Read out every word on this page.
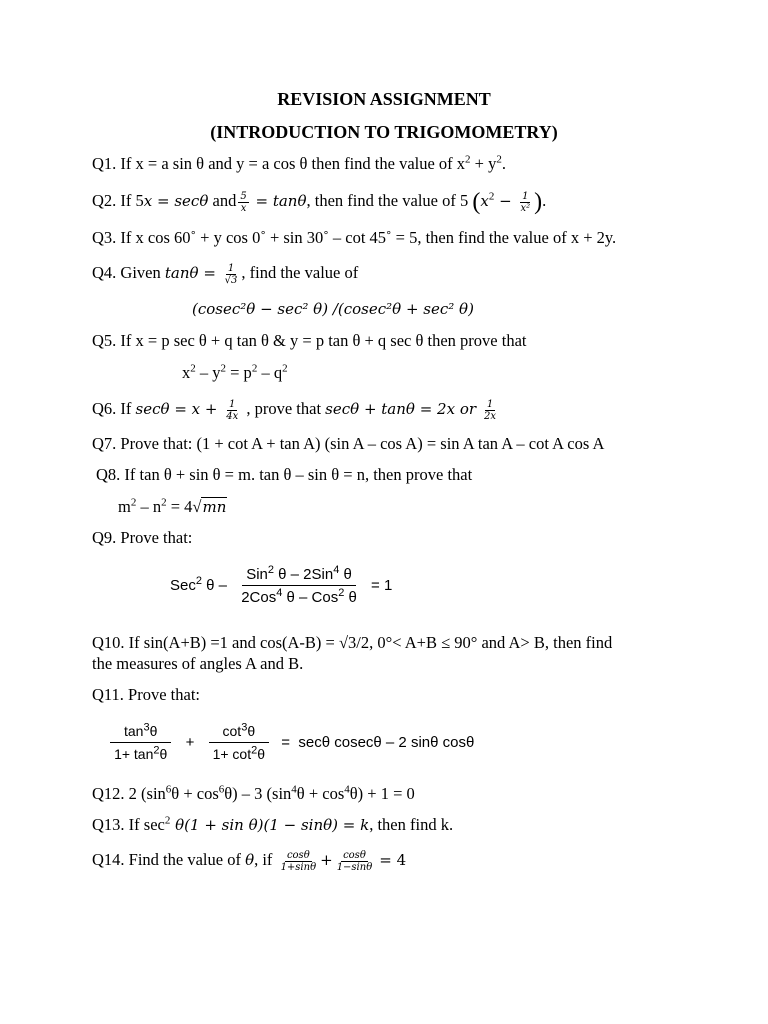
REVISION ASSIGNMENT
(INTRODUCTION TO TRIGOMOMETRY)
Q1. If x = a sin θ and y = a cos θ then find the value of $x^2 + y^2$.
Q2. If 5x = secθ and $\frac{5}{x} = \tan\theta$, then find the value of 5 ($x^2 - \frac{1}{\text{x²}}$ ).
Q3. If x cos 60˚ + y cos 0˚ + sin 30˚ – cot 45˚ = 5, then find the value of x + 2y.
Q4. Given $\tan\theta = \frac{1}{√3}$ , find the value of
(cosec²θ − sec² θ) /(cosec²θ + sec² θ)
Q5. If x = p sec θ + q tan θ & y = p tan θ + q sec θ then prove that
$x^2 - y^2 = p^2 - q^2$
Q6. If $\sec\theta = x + \frac{1}{4x}$ , prove that secθ + tanθ = 2x or $\frac{1}{2x}$
Q7. Prove that: (1 + cot A + tan A) (sin A – cos A) = sin A tan A – cot A cos A
Q8. If tan θ + sin θ = m. tan θ – sin θ = n, then prove that
$m^2 - n^2 = 4√mn$
Q9. Prove that:
Sec$^2$ θ –
Sin$^2$ θ – 2Sin$^4$ θ
2Cos$^4$ θ – Cos$^2$ θ
= 1
Q10. If sin(A+B) =1 and cos(A-B) = √3/2, 0°< A+B ≤ 90° and A> B, then find
the measures of angles A and B.
Q11. Prove that:
$\frac{\tan^3\theta}{1+ \tan^2\theta} + \frac{\cot^3\theta}{1+ \cot^2\theta} = \sec\theta$ cosecθ – 2 sinθ cosθ
Q12. 2 $(\sin^6\theta + \cos^6\theta) - 3$ $(\sin^4\theta + \cos^4\theta) + 1 = 0$
Q13. If $\sec^2 \theta(1 + \sin \theta)(1 - \sin\theta) = k$, then find k.
Q14. Find the value of θ, if $\frac{\cos\theta}{1+\sin\theta} + \frac{\cos\theta}{1-\sin\theta} = 4$
